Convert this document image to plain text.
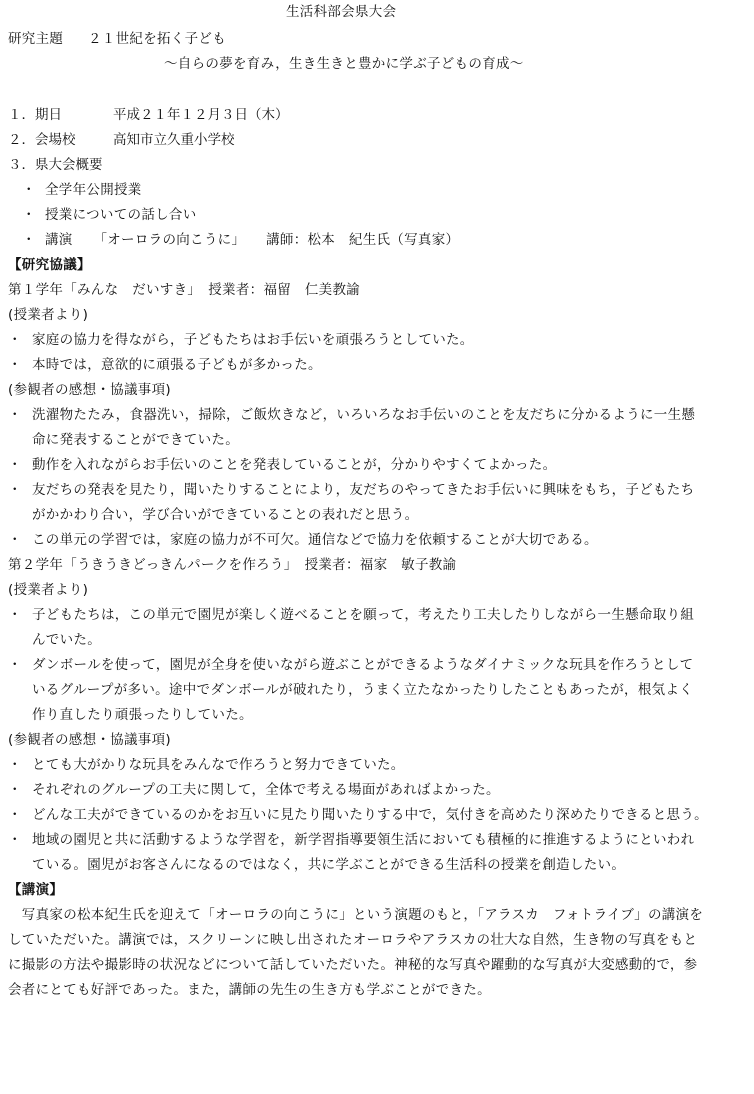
生活科部会県大会
研究主題 ２１世紀を拓く子ども
～自らの夢を育み，生き生きと豊かに学ぶ子どもの育成～
１． 期日	平成２１年１２月３日（木）
２． 会場校	高知市立久重小学校
３． 県大会概要
・ 全学年公開授業
・ 授業についての話し合い
・ 講演　　「オーロラの向こうに」　　講師：松本　紀生氏（写真家）
【研究協議】
第１学年「みんな　だいすき」　授業者：福留　仁美教諭
(授業者より)
・ 家庭の協力を得ながら，子どもたちはお手伝いを頑張ろうとしていた。
・ 本時では，意欲的に頑張る子どもが多かった。
(参観者の感想・協議事項)
・ 洗濯物たたみ，食器洗い，掃除，ご飯炊きなど，いろいろなお手伝いのことを友だちに分かるように一生懸
命に発表することができていた。
・ 動作を入れながらお手伝いのことを発表していることが，分かりやすくてよかった。
・ 友だちの発表を見たり，聞いたりすることにより，友だちのやってきたお手伝いに興味をもち，子どもたち
がかかわり合い，学び合いができていることの表れだと思う。
・ この単元の学習では，家庭の協力が不可欠。通信などで協力を依頼することが大切である。
第２学年「うきうきどっきんパークを作ろう」　授業者：福家　敏子教諭
(授業者より)
・ 子どもたちは，この単元で園児が楽しく遊べることを願って，考えたり工夫したりしながら一生懸命取り組
んでいた。
・ ダンボールを使って，園児が全身を使いながら遊ぶことができるようなダイナミックな玩具を作ろうとして
いるグループが多い。途中でダンボールが破れたり，うまく立たなかったりしたこともあったが，根気よく
作り直したり頑張ったりしていた。
(参観者の感想・協議事項)
・ とても大がかりな玩具をみんなで作ろうと努力できていた。
・ それぞれのグループの工夫に関して，全体で考える場面があればよかった。
・ どんな工夫ができているのかをお互いに見たり聞いたりする中で，気付きを高めたり深めたりできると思う。
・ 地域の園児と共に活動するような学習を，新学習指導要領生活においても積極的に推進するようにといわれ
ている。園児がお客さんになるのではなく，共に学ぶことができる生活科の授業を創造したい。
【講演】
　写真家の松本紀生氏を迎えて「オーロラの向こうに」という演題のもと，「アラスカ　フォトライブ」の講演を
していただいた。講演では，スクリーンに映し出されたオーロラやアラスカの壮大な自然，生き物の写真をもと
に撮影の方法や撮影時の状況などについて話していただいた。神秘的な写真や躍動的な写真が大変感動的で，参
会者にとても好評であった。また，講師の先生の生き方も学ぶことができた。
